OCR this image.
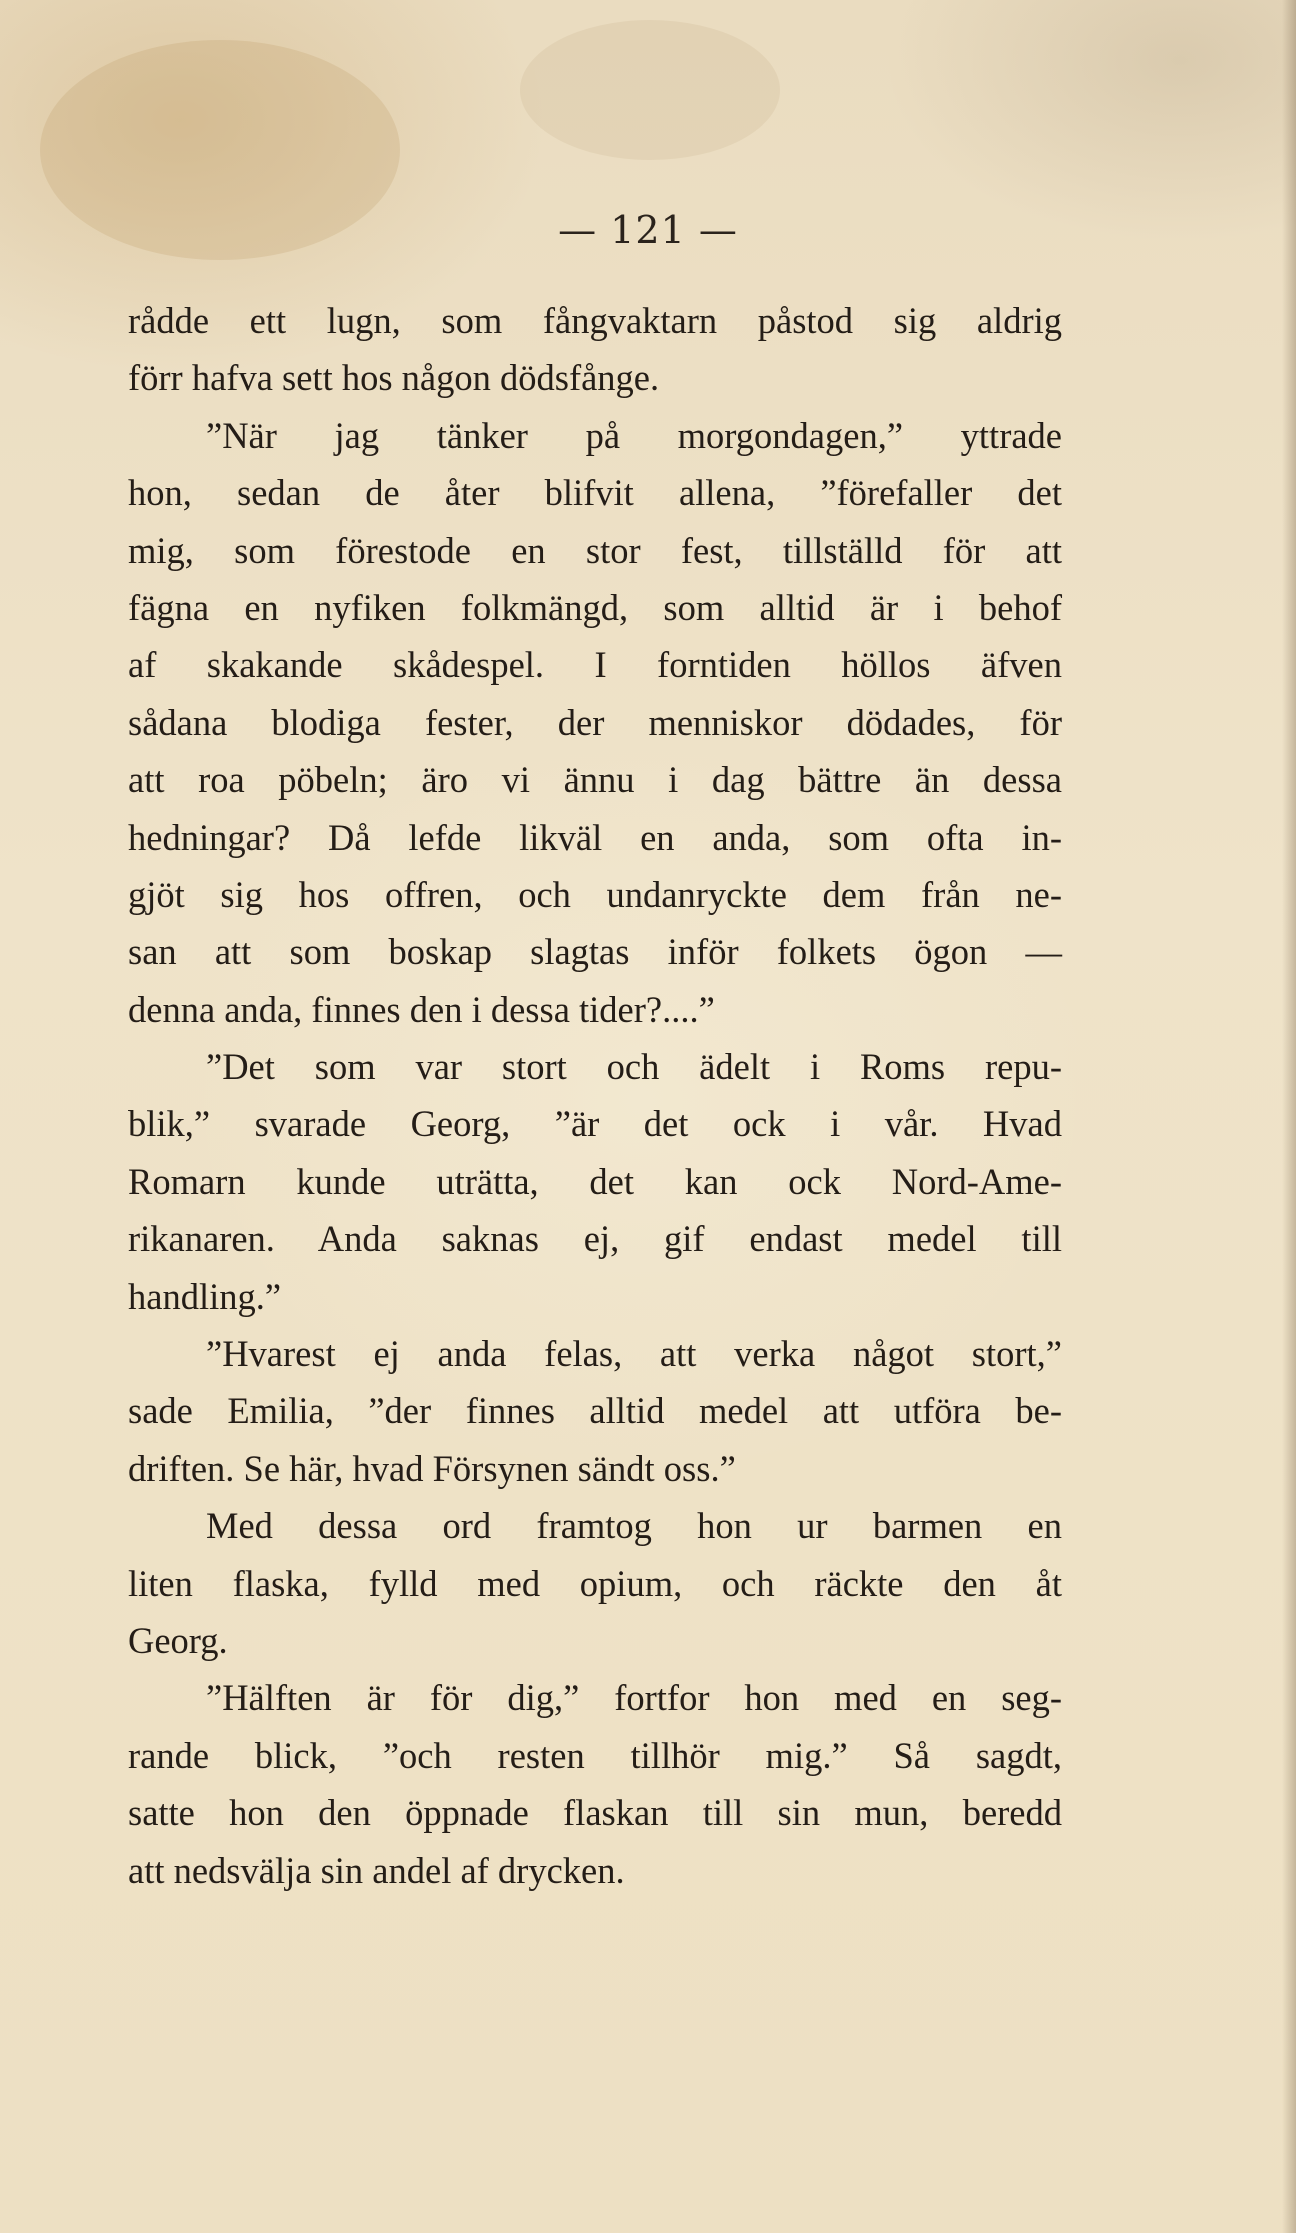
— 121 —
rådde ett lugn, som fångvaktarn påstod sig aldrig
förr hafva sett hos någon dödsfånge.
”När jag tänker på morgondagen,” yttrade
hon, sedan de åter blifvit allena, ”förefaller det
mig, som förestode en stor fest, tillställd för att
fägna en nyfiken folkmängd, som alltid är i behof
af skakande skådespel. I forntiden höllos äfven
sådana blodiga fester, der menniskor dödades, för
att roa pöbeln; äro vi ännu i dag bättre än dessa
hedningar? Då lefde likväl en anda, som ofta in-
gjöt sig hos offren, och undanryckte dem från ne-
san att som boskap slagtas inför folkets ögon —
denna anda, finnes den i dessa tider?....”
”Det som var stort och ädelt i Roms repu-
blik,” svarade Georg, ”är det ock i vår. Hvad
Romarn kunde uträtta, det kan ock Nord-Ame-
rikanaren. Anda saknas ej, gif endast medel till
handling.”
”Hvarest ej anda felas, att verka något stort,”
sade Emilia, ”der finnes alltid medel att utföra be-
driften. Se här, hvad Försynen sändt oss.”
Med dessa ord framtog hon ur barmen en
liten flaska, fylld med opium, och räckte den åt
Georg.
”Hälften är för dig,” fortfor hon med en seg-
rande blick, ”och resten tillhör mig.” Så sagdt,
satte hon den öppnade flaskan till sin mun, beredd
att nedsvälja sin andel af drycken.
